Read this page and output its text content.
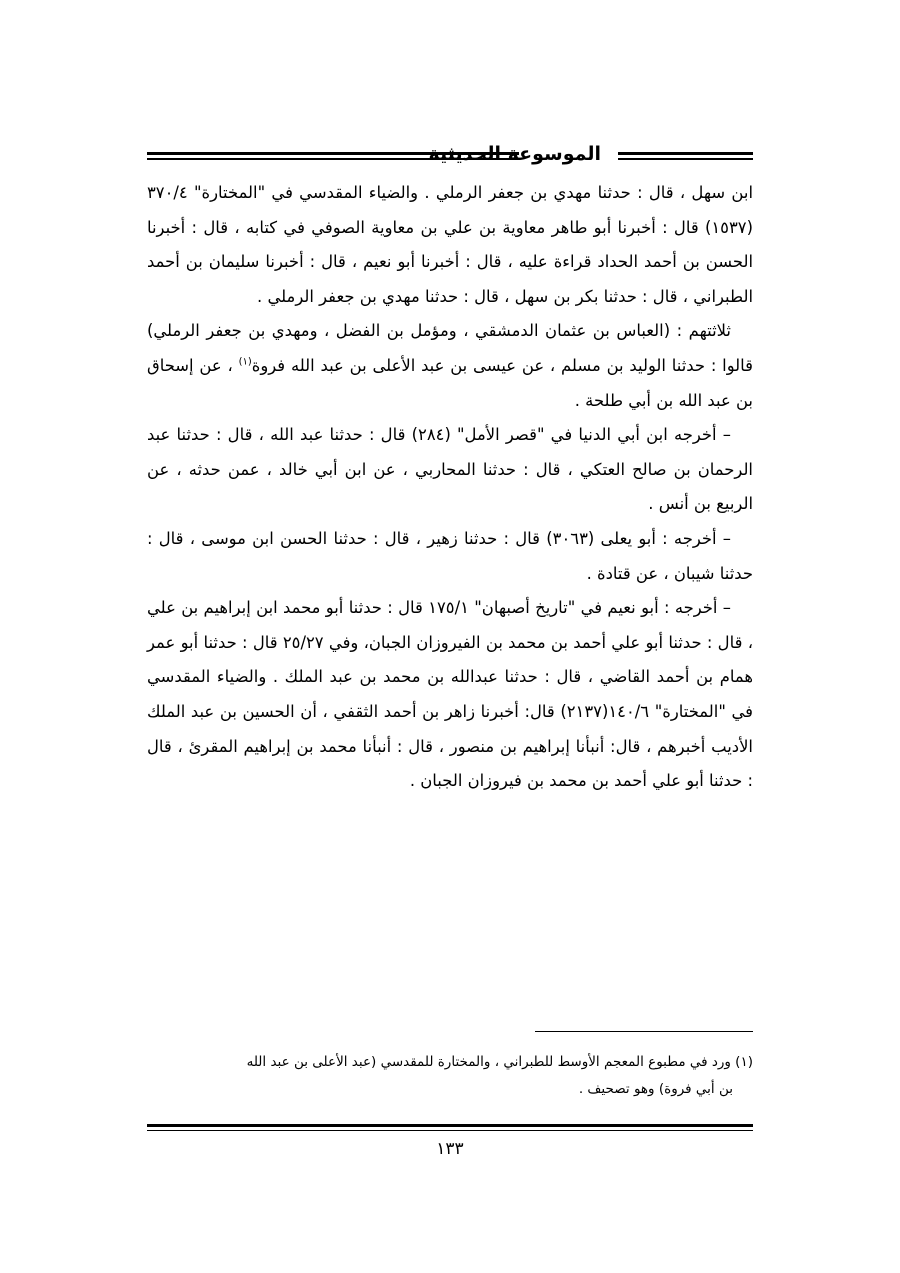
الموسوعة الحديثية

ابن سهل ، قال : حدثنا مهدي بن جعفر الرملي . والضياء المقدسي في "المختارة" ٣٧٠/٤ (١٥٣٧) قال : أخبرنا أبو طاهر معاوية بن علي بن معاوية الصوفي في كتابه ، قال : أخبرنا الحسن بن أحمد الحداد قراءة عليه ، قال : أخبرنا أبو نعيم ، قال : أخبرنا سليمان بن أحمد الطبراني ، قال : حدثنا بكر بن سهل ، قال : حدثنا مهدي بن جعفر الرملي .

ثلاثتهم : (العباس بن عثمان الدمشقي ، ومؤمل بن الفضل ، ومهدي بن جعفر الرملي) قالوا : حدثنا الوليد بن مسلم ، عن عيسى بن عبد الأعلى بن عبد الله فروة$^{(١)}$ ، عن إسحاق بن عبد الله بن أبي طلحة .

– أخرجه ابن أبي الدنيا في "قصر الأمل" (٢٨٤) قال : حدثنا عبد الله ، قال : حدثنا عبد الرحمان بن صالح العتكي ، قال : حدثنا المحاربي ، عن ابن أبي خالد ، عمن حدثه ، عن الربيع بن أنس .

– أخرجه : أبو يعلى (٣٠٦٣) قال : حدثنا زهير ، قال : حدثنا الحسن ابن موسى ، قال : حدثنا شيبان ، عن قتادة .

– أخرجه : أبو نعيم في "تاريخ أصبهان" ١٧٥/١ قال : حدثنا أبو محمد ابن إبراهيم بن علي ، قال : حدثنا أبو علي أحمد بن محمد بن الفيروزان الجبان، وفي ٢٥/٢٧ قال : حدثنا أبو عمر همام بن أحمد القاضي ، قال : حدثنا عبدالله بن محمد بن عبد الملك . والضياء المقدسي في "المختارة" ١٤٠/٦(٢١٣٧) قال: أخبرنا زاهر بن أحمد الثقفي ، أن الحسين بن عبد الملك الأديب أخبرهم ، قال: أنبأنا إبراهيم بن منصور ، قال : أنبأنا محمد بن إبراهيم المقرئ ، قال : حدثنا أبو علي أحمد بن محمد بن فيروزان الجبان .

(١) ورد في مطبوع المعجم الأوسط للطبراني ، والمختارة للمقدسي (عبد الأعلى بن عبد الله

بن أبي فروة) وهو تصحيف .

١٣٣
